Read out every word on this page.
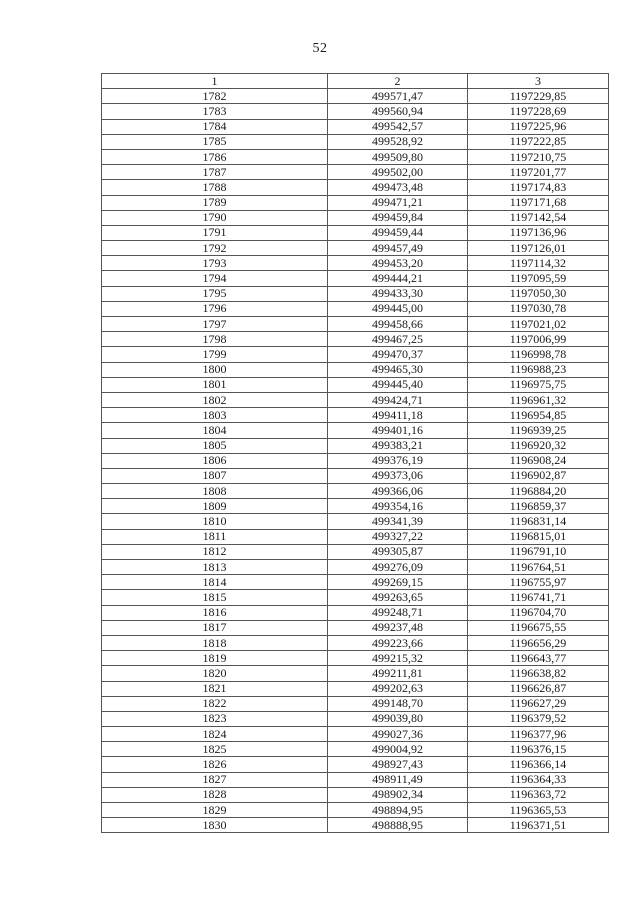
52
1	2	3
1782	499571,47	1197229,85
1783	499560,94	1197228,69
1784	499542,57	1197225,96
1785	499528,92	1197222,85
1786	499509,80	1197210,75
1787	499502,00	1197201,77
1788	499473,48	1197174,83
1789	499471,21	1197171,68
1790	499459,84	1197142,54
1791	499459,44	1197136,96
1792	499457,49	1197126,01
1793	499453,20	1197114,32
1794	499444,21	1197095,59
1795	499433,30	1197050,30
1796	499445,00	1197030,78
1797	499458,66	1197021,02
1798	499467,25	1197006,99
1799	499470,37	1196998,78
1800	499465,30	1196988,23
1801	499445,40	1196975,75
1802	499424,71	1196961,32
1803	499411,18	1196954,85
1804	499401,16	1196939,25
1805	499383,21	1196920,32
1806	499376,19	1196908,24
1807	499373,06	1196902,87
1808	499366,06	1196884,20
1809	499354,16	1196859,37
1810	499341,39	1196831,14
1811	499327,22	1196815,01
1812	499305,87	1196791,10
1813	499276,09	1196764,51
1814	499269,15	1196755,97
1815	499263,65	1196741,71
1816	499248,71	1196704,70
1817	499237,48	1196675,55
1818	499223,66	1196656,29
1819	499215,32	1196643,77
1820	499211,81	1196638,82
1821	499202,63	1196626,87
1822	499148,70	1196627,29
1823	499039,80	1196379,52
1824	499027,36	1196377,96
1825	499004,92	1196376,15
1826	498927,43	1196366,14
1827	498911,49	1196364,33
1828	498902,34	1196363,72
1829	498894,95	1196365,53
1830	498888,95	1196371,51
